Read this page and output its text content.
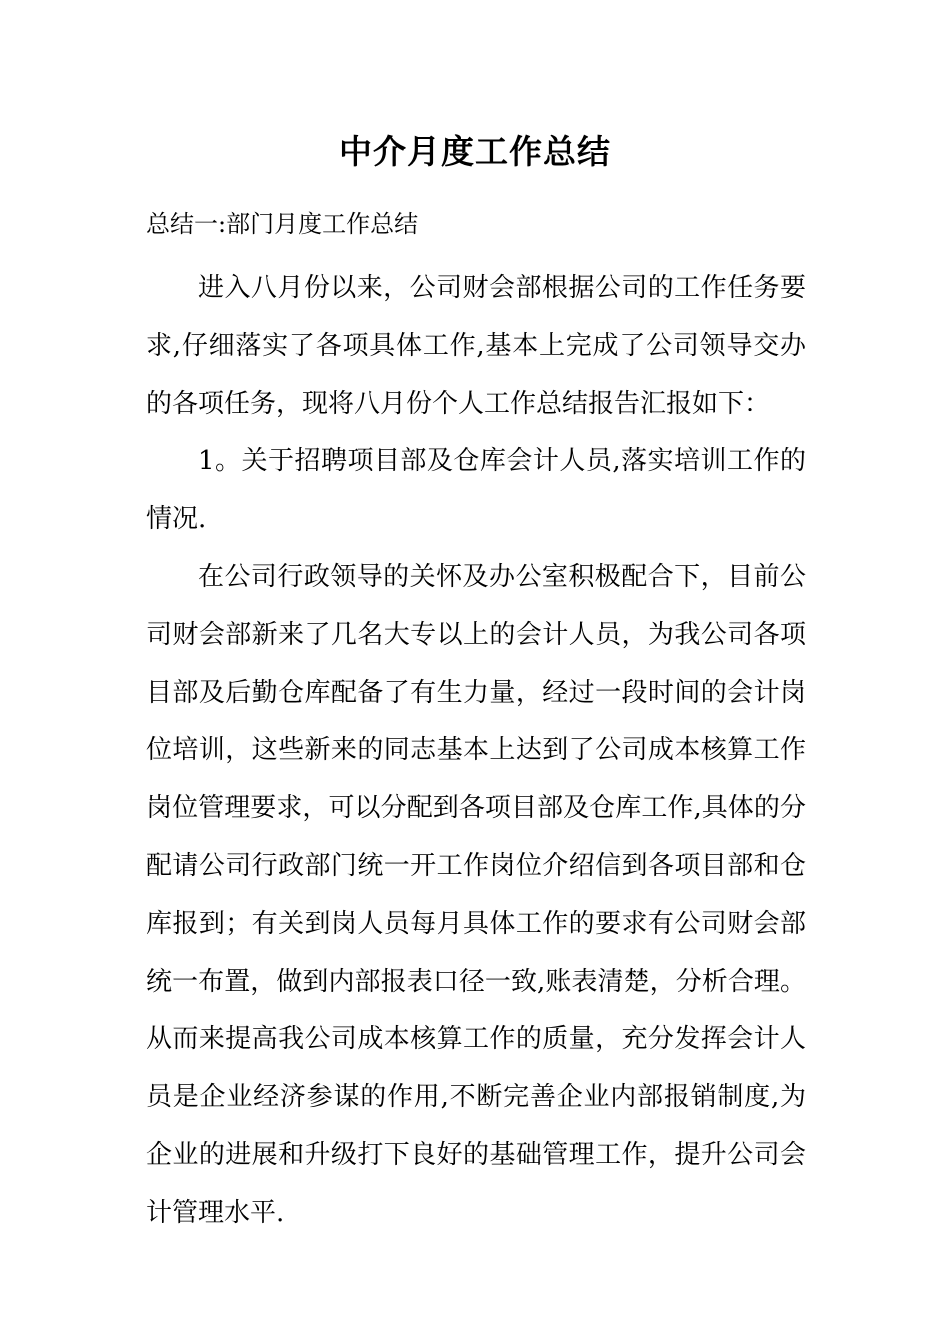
中介月度工作总结
总结一:部门月度工作总结

进入八月份以来，公司财会部根据公司的工作任务要求,仔细落实了各项具体工作,基本上完成了公司领导交办的各项任务，现将八月份个人工作总结报告汇报如下：

1。关于招聘项目部及仓库会计人员,落实培训工作的情况.

在公司行政领导的关怀及办公室积极配合下，目前公司财会部新来了几名大专以上的会计人员，为我公司各项目部及后勤仓库配备了有生力量，经过一段时间的会计岗位培训，这些新来的同志基本上达到了公司成本核算工作岗位管理要求，可以分配到各项目部及仓库工作,具体的分配请公司行政部门统一开工作岗位介绍信到各项目部和仓库报到；有关到岗人员每月具体工作的要求有公司财会部统一布置，做到内部报表口径一致,账表清楚，分析合理。从而来提高我公司成本核算工作的质量，充分发挥会计人员是企业经济参谋的作用,不断完善企业内部报销制度,为企业的进展和升级打下良好的基础管理工作，提升公司会计管理水平.
